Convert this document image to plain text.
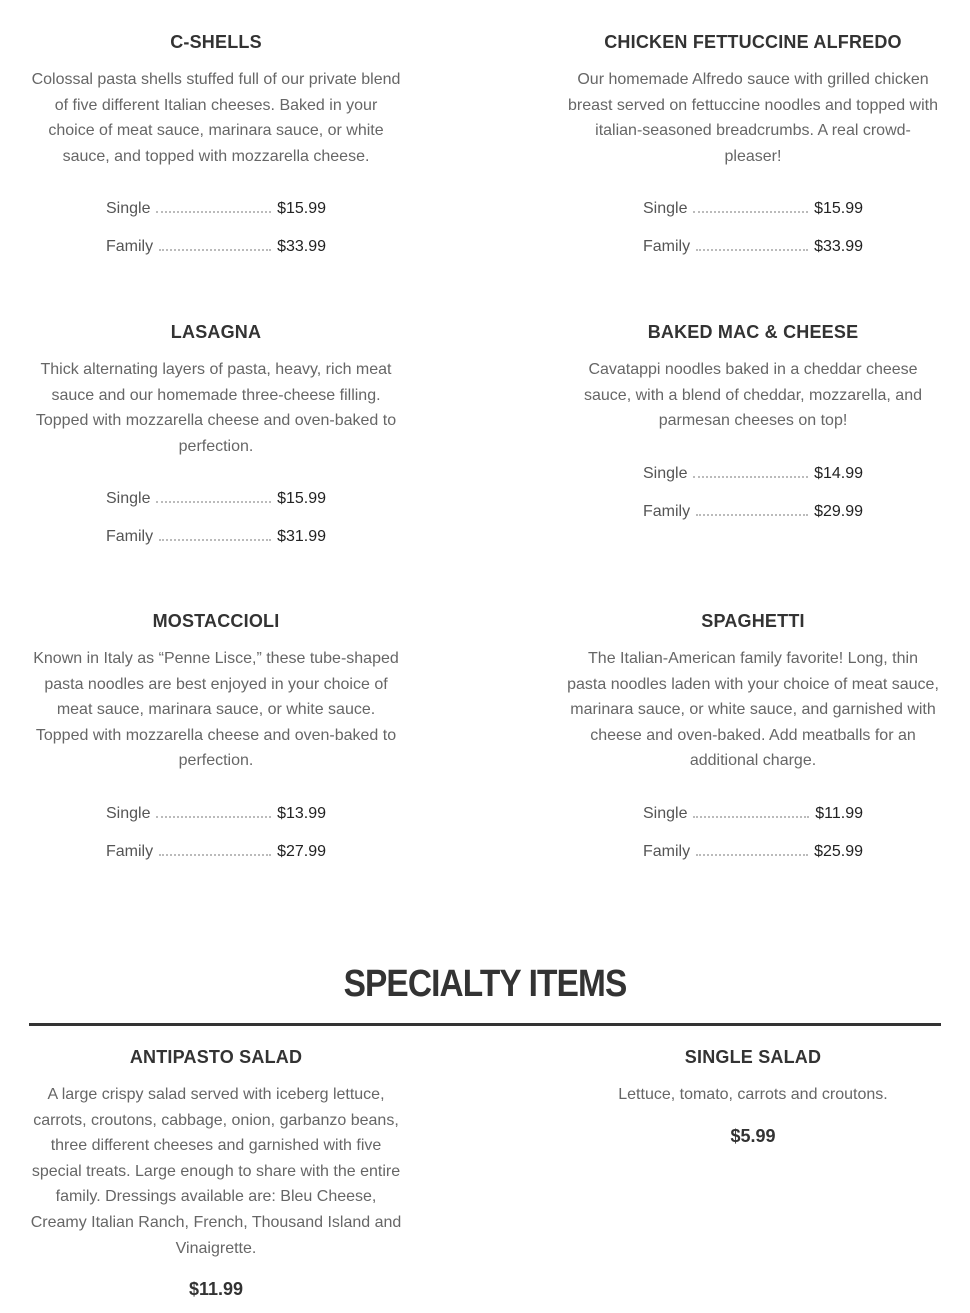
C-SHELLS

Colossal pasta shells stuffed full of our private blend of five different Italian cheeses. Baked in your choice of meat sauce, marinara sauce, or white sauce, and topped with mozzarella cheese.

Single	$15.99
Family	$33.99
CHICKEN FETTUCCINE ALFREDO

Our homemade Alfredo sauce with grilled chicken breast served on fettuccine noodles and topped with italian-seasoned breadcrumbs. A real crowd-pleaser!

Single	$15.99
Family	$33.99
LASAGNA

Thick alternating layers of pasta, heavy, rich meat sauce and our homemade three-cheese filling. Topped with mozzarella cheese and oven-baked to perfection.

Single	$15.99
Family	$31.99
BAKED MAC & CHEESE

Cavatappi noodles baked in a cheddar cheese sauce, with a blend of cheddar, mozzarella, and parmesan cheeses on top!

Single	$14.99
Family	$29.99
MOSTACCIOLI

Known in Italy as “Penne Lisce,” these tube-shaped pasta noodles are best enjoyed in your choice of meat sauce, marinara sauce, or white sauce. Topped with mozzarella cheese and oven-baked to perfection.

Single	$13.99
Family	$27.99
SPAGHETTI

The Italian-American family favorite! Long, thin pasta noodles laden with your choice of meat sauce, marinara sauce, or white sauce, and garnished with cheese and oven-baked. Add meatballs for an additional charge.

Single	$11.99
Family	$25.99
SPECIALTY ITEMS
ANTIPASTO SALAD

A large crispy salad served with iceberg lettuce, carrots, croutons, cabbage, onion, garbanzo beans, three different cheeses and garnished with five special treats. Large enough to share with the entire family. Dressings available are: Bleu Cheese, Creamy Italian Ranch, French, Thousand Island and Vinaigrette.

$11.99
SINGLE SALAD

Lettuce, tomato, carrots and croutons.

$5.99
